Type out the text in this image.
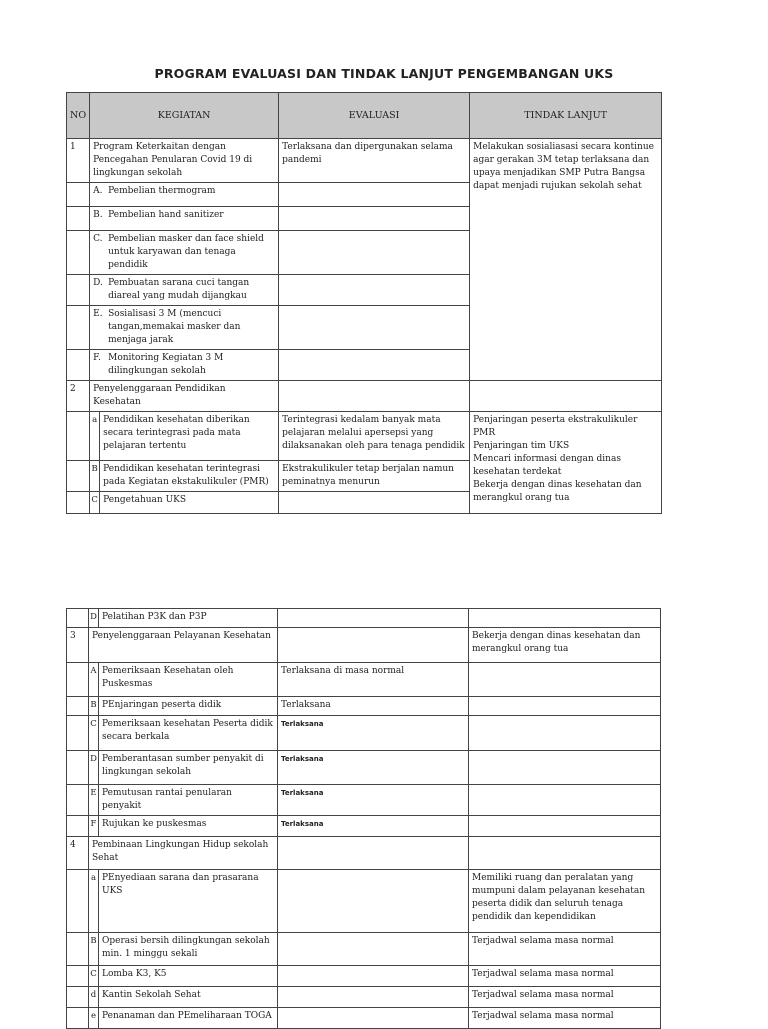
PROGRAM EVALUASI DAN TINDAK LANJUT PENGEMBANGAN UKS
NO	KEGIATAN		EVALUASI	TINDAK LANJUT
1	Program Keterkaitan dengan Pencegahan Penularan Covid 19 di lingkungan sekolah		Terlaksana dan dipergunakan selama pandemi	Melakukan sosialiasasi secara kontinue agar gerakan 3M tetap terlaksana dan upaya menjadikan SMP Putra Bangsa dapat menjadi rujukan sekolah sehat
	A. Pembelian thermogram			
	B. Pembelian hand sanitizer			
	C. Pembelian masker dan face shield untuk karyawan dan tenaga pendidik			
	D. Pembuatan sarana cuci tangan diareal yang mudah dijangkau			
	E. Sosialisasi 3 M (mencuci tangan,memakai masker dan menjaga jarak			
	F. Monitoring Kegiatan 3 M dilingkungan sekolah			
2	Penyelenggaraan Pendidikan Kesehatan			
	a	Pendidikan kesehatan diberikan secara terintegrasi pada mata pelajaran tertentu	Terintegrasi kedalam banyak mata pelajaran melalui apersepsi yang dilaksanakan oleh para tenaga pendidik	Penjaringan peserta ekstrakulikuler PMR
Penjaringan tim UKS
Mencari informasi dengan dinas kesehatan terdekat
Bekerja dengan dinas kesehatan dan merangkul orang tua
	B	Pendidikan kesehatan terintegrasi pada Kegiatan ekstakulikuler (PMR)	Ekstrakulikuler tetap berjalan namun peminatnya menurun	
	C	Pengetahuan UKS		
	D	Pelatihan P3K dan P3P		
3	Penyelenggaraan Pelayanan Kesehatan			Bekerja dengan dinas kesehatan dan merangkul orang tua
	A	Pemeriksaan Kesehatan oleh Puskesmas	Terlaksana di masa normal	
	B	PEnjaringan peserta didik	Terlaksana	
	C	Pemeriksaan kesehatan Peserta didik secara berkala	Terlaksana	
	D	Pemberantasan sumber penyakit di lingkungan sekolah	Terlaksana	
	E	Pemutusan rantai penularan penyakit	Terlaksana	
	F	Rujukan ke puskesmas	Terlaksana	
4	Pembinaan Lingkungan Hidup sekolah Sehat			
	a	PEnyediaan sarana dan prasarana UKS		Memiliki ruang dan peralatan yang mumpuni dalam pelayanan kesehatan peserta didik dan seluruh tenaga pendidik dan kependidikan
	B	Operasi bersih dilingkungan sekolah min. 1 minggu sekali		Terjadwal selama masa normal
	C	Lomba K3, K5		Terjadwal selama masa normal
	d	Kantin Sekolah Sehat		Terjadwal selama masa normal
	e	Penanaman dan PEmeliharaan TOGA		Terjadwal selama masa normal
